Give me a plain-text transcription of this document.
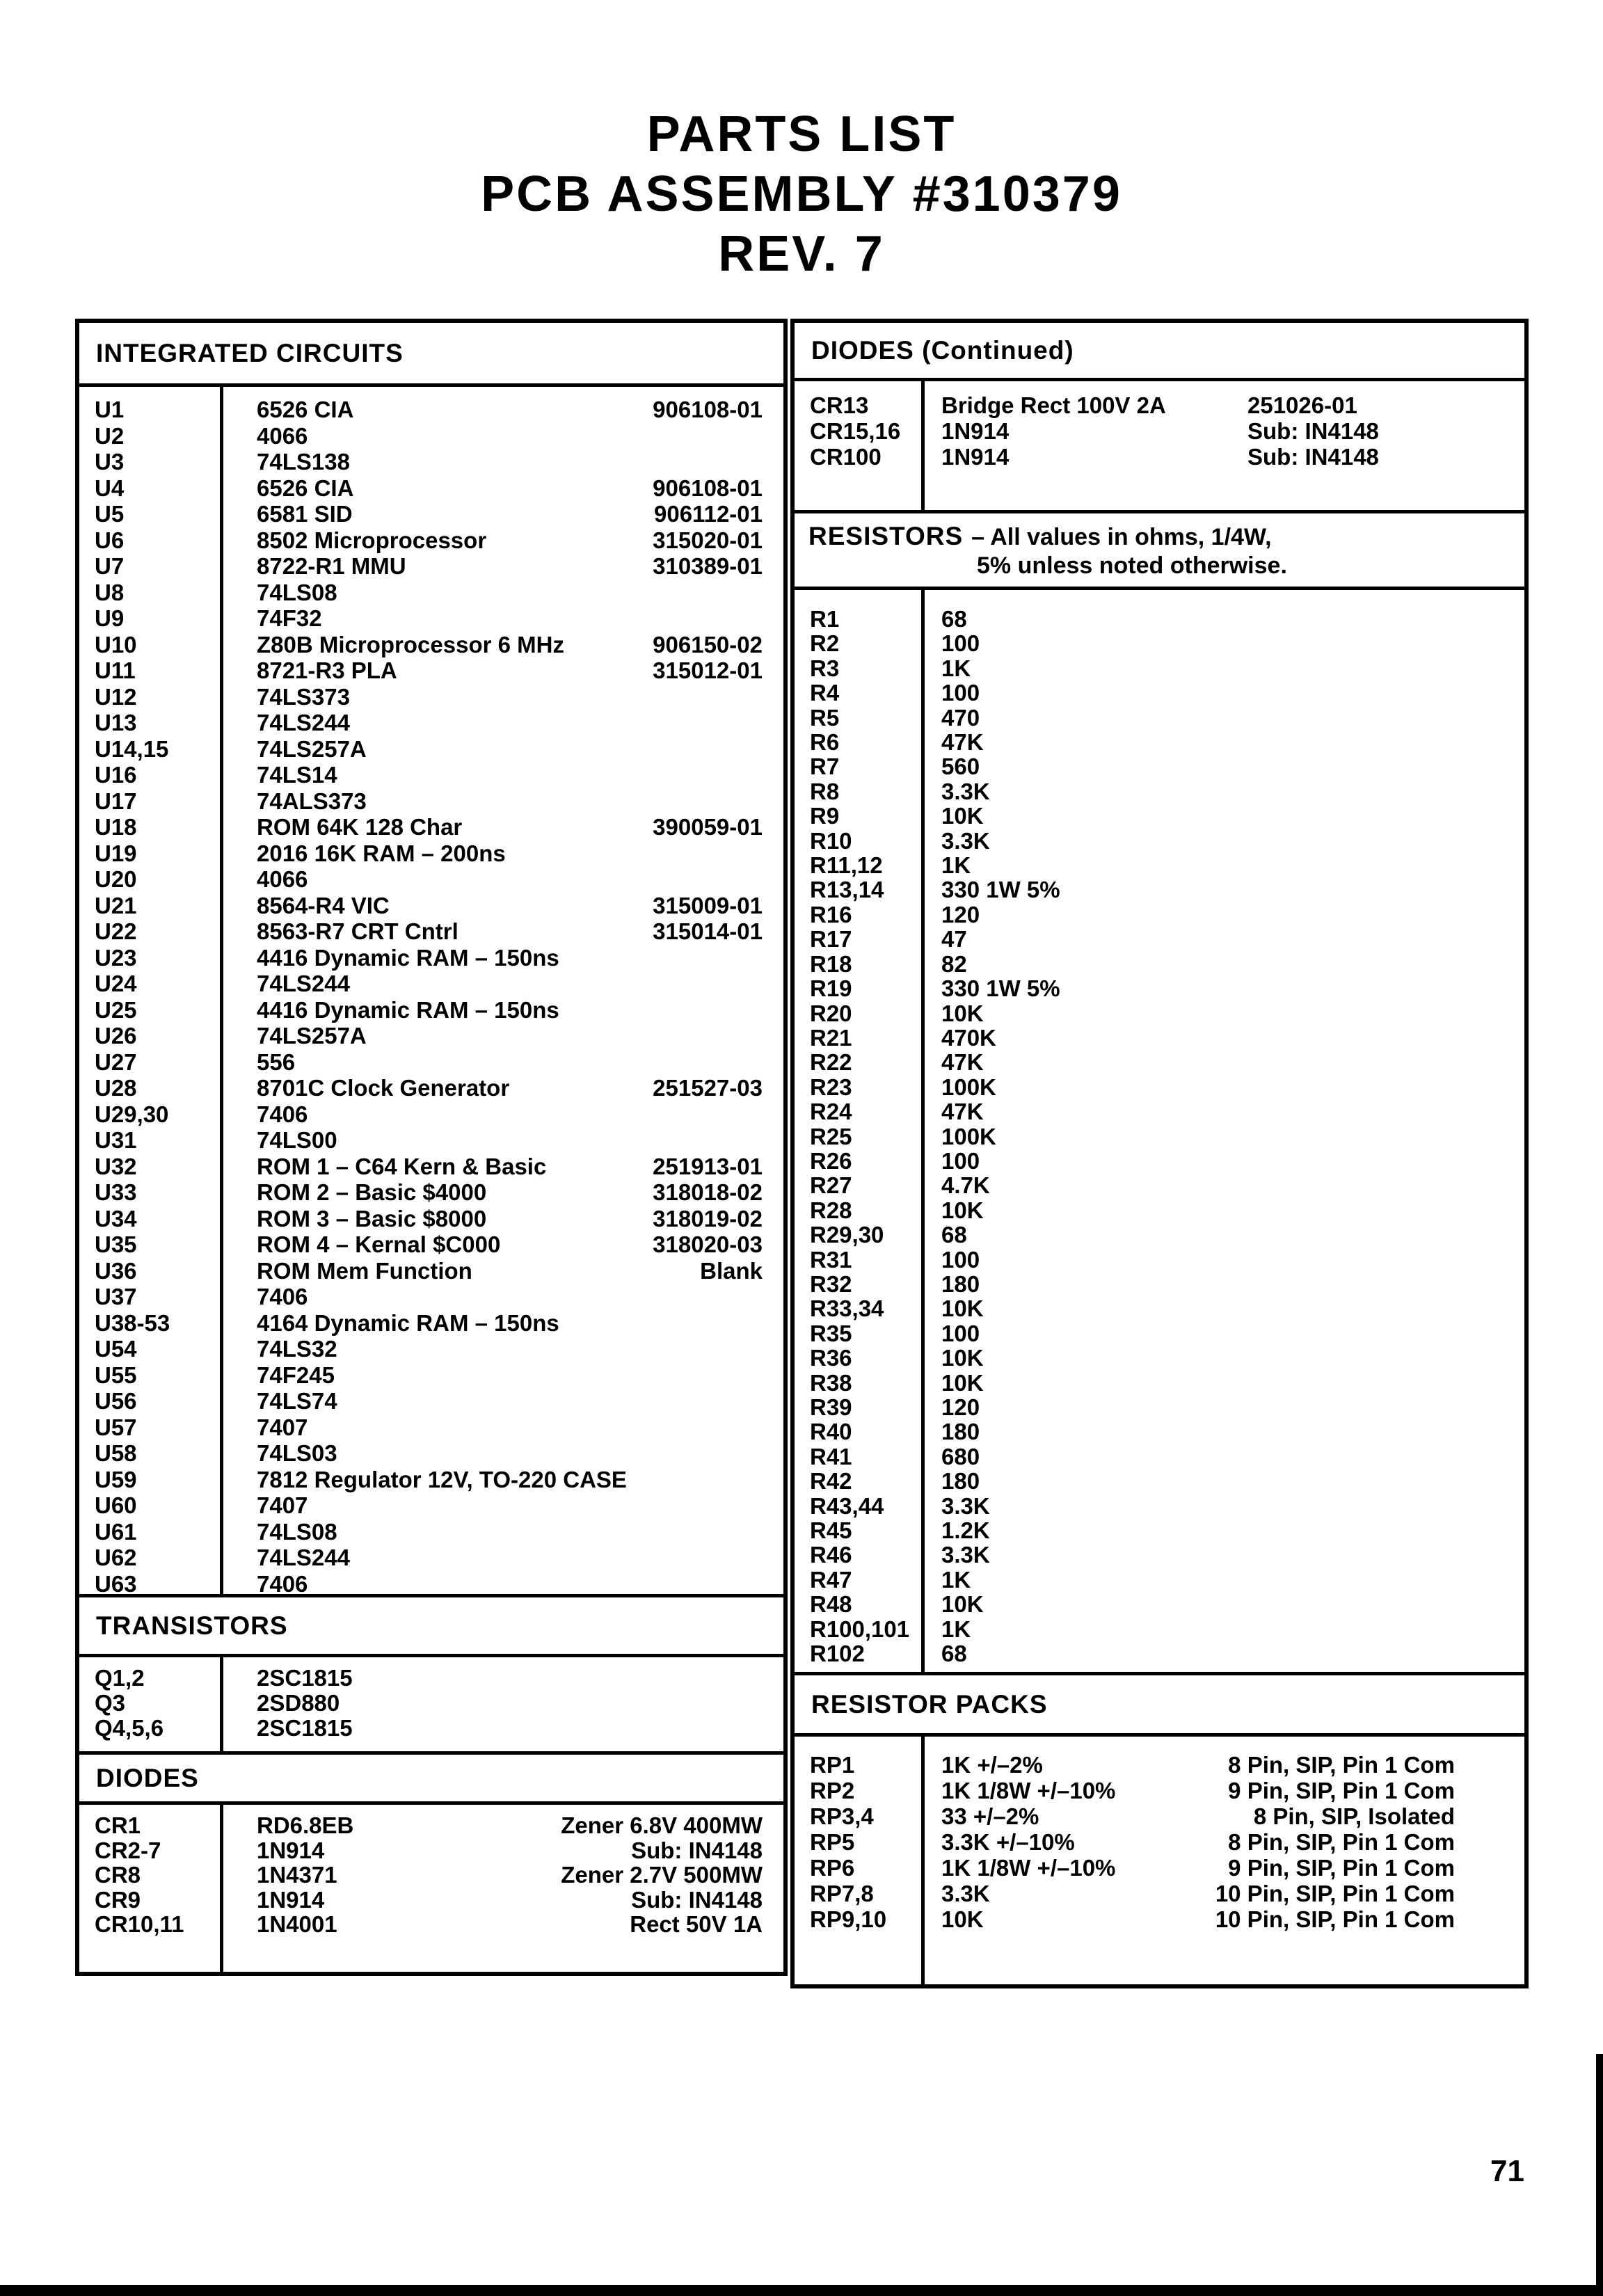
PARTS LIST
PCB ASSEMBLY #310379
REV. 7
INTEGRATED CIRCUITS
U1	6526 CIA	906108-01
U2	4066
U3	74LS138
U4	6526 CIA	906108-01
U5	6581 SID	906112-01
U6	8502 Microprocessor	315020-01
U7	8722-R1 MMU	310389-01
U8	74LS08
U9	74F32
U10	Z80B Microprocessor 6 MHz	906150-02
U11	8721-R3 PLA	315012-01
U12	74LS373
U13	74LS244
U14,15	74LS257A
U16	74LS14
U17	74ALS373
U18	ROM 64K 128 Char	390059-01
U19	2016 16K RAM – 200ns
U20	4066
U21	8564-R4 VIC	315009-01
U22	8563-R7 CRT Cntrl	315014-01
U23	4416 Dynamic RAM – 150ns
U24	74LS244
U25	4416 Dynamic RAM – 150ns
U26	74LS257A
U27	556
U28	8701C Clock Generator	251527-03
U29,30	7406
U31	74LS00
U32	ROM 1 – C64 Kern & Basic	251913-01
U33	ROM 2 – Basic $4000	318018-02
U34	ROM 3 – Basic $8000	318019-02
U35	ROM 4 – Kernal $C000	318020-03
U36	ROM Mem Function	Blank
U37	7406
U38-53	4164 Dynamic RAM – 150ns
U54	74LS32
U55	74F245
U56	74LS74
U57	7407
U58	74LS03
U59	7812 Regulator 12V, TO-220 CASE
U60	7407
U61	74LS08
U62	74LS244
U63	7406
TRANSISTORS
Q1,2	2SC1815
Q3	2SD880
Q4,5,6	2SC1815
DIODES
CR1	RD6.8EB	Zener 6.8V 400MW
CR2-7	1N914	Sub: IN4148
CR8	1N4371	Zener 2.7V 500MW
CR9	1N914	Sub: IN4148
CR10,11	1N4001	Rect 50V 1A
DIODES (Continued)
CR13	Bridge Rect 100V 2A	251026-01
CR15,16	1N914	Sub: IN4148
CR100	1N914	Sub: IN4148
RESISTORS – All values in ohms, 1/4W,
5% unless noted otherwise.
R1	68
R2	100
R3	1K
R4	100
R5	470
R6	47K
R7	560
R8	3.3K
R9	10K
R10	3.3K
R11,12	1K
R13,14	330 1W 5%
R16	120
R17	47
R18	82
R19	330 1W 5%
R20	10K
R21	470K
R22	47K
R23	100K
R24	47K
R25	100K
R26	100
R27	4.7K
R28	10K
R29,30	68
R31	100
R32	180
R33,34	10K
R35	100
R36	10K
R38	10K
R39	120
R40	180
R41	680
R42	180
R43,44	3.3K
R45	1.2K
R46	3.3K
R47	1K
R48	10K
R100,101	1K
R102	68
RESISTOR PACKS
RP1	1K +/–2%	8 Pin, SIP, Pin 1 Com
RP2	1K 1/8W +/–10%	9 Pin, SIP, Pin 1 Com
RP3,4	33 +/–2%	8 Pin, SIP, Isolated
RP5	3.3K +/–10%	8 Pin, SIP, Pin 1 Com
RP6	1K 1/8W +/–10%	9 Pin, SIP, Pin 1 Com
RP7,8	3.3K	10 Pin, SIP, Pin 1 Com
RP9,10	10K	10 Pin, SIP, Pin 1 Com
71
